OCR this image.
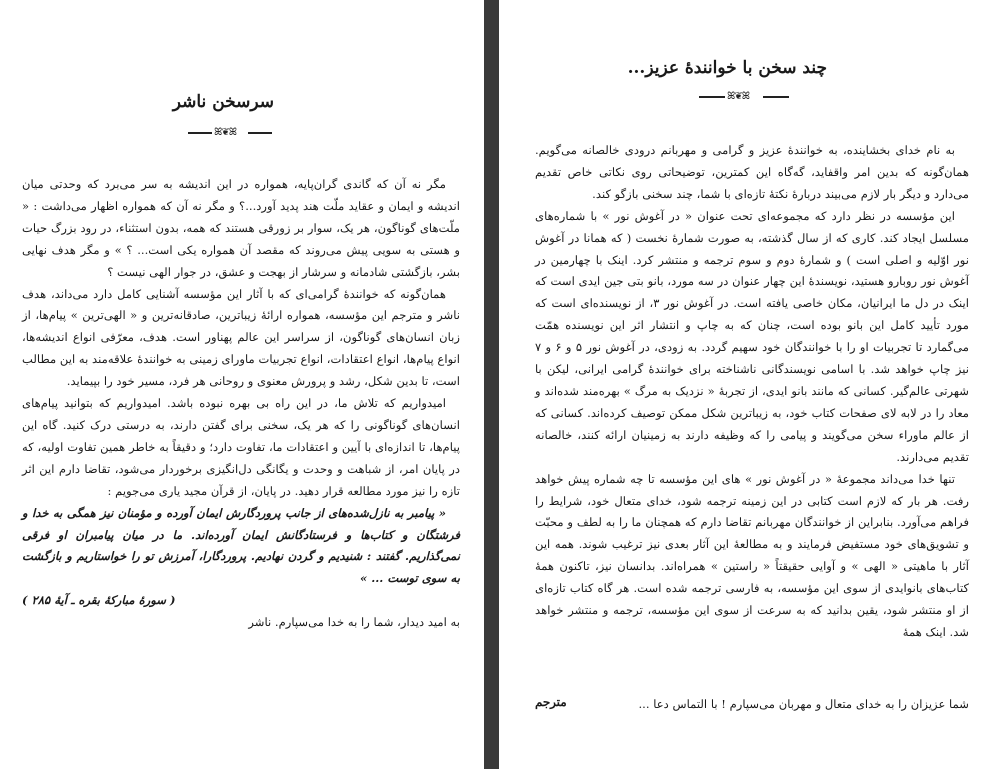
سرسخن ناشر
ꕤ❦ꕤ

مگر نه آن که گاندی گران‌پایه، همواره در این اندیشه به سر می‌برد که وحدتی میان اندیشه و ایمان و عقاید ملّت هند پدید آورد...؟ و مگر نه آن که همواره اظهار می‌داشت : « ملّت‌های گوناگون، هر یک، سوار بر زورقی هستند که همه، بدون استثناء، در رود بزرگ حیات و هستی به سویی پیش می‌روند که مقصد آن همواره یکی است... ؟ » و مگر هدف نهایی بشر، بازگشتی شادمانه و سرشار از بهجت و عشق، در جوار الهی نیست ؟

همان‌گونه که خوانندهٔ گرامی‌ای که با آثار این مؤسسه آشنایی کامل دارد می‌داند، هدف ناشر و مترجم این مؤسسه، همواره ارائهٔ زیباترین، صادقانه‌ترین و « الهی‌ترین » پیام‌ها، از زبان انسان‌های گوناگون، از سراسر این عالم پهناور است. هدف، معرّفی انواع اندیشه‌ها، انواع پیام‌ها، انواع اعتقادات، انواع تجربیات ماورای زمینی به خوانندهٔ علاقه‌مند به این مطالب است، تا بدین شکل، رشد و پرورش معنوی و روحانی هر فرد، مسیر خود را بپیماید.

امیدواریم که تلاش ما، در این راه بی بهره نبوده باشد. امیدواریم که بتوانید پیام‌های انسان‌های گوناگونی را که هر یک، سخنی برای گفتن دارند، به درستی درک کنید. گاه این پیام‌ها، تا اندازه‌ای با آیین و اعتقادات ما، تفاوت دارد؛ و دقیقاً به خاطر همین تفاوت اولیه، که در پایان امر، از شباهت و وحدت و یگانگی دل‌انگیزی برخوردار می‌شود، تقاضا دارم این اثر تازه را نیز مورد مطالعه قرار دهید. در پایان، از قرآن مجید یاری می‌جویم :

« پیامبر به نازل‌شده‌های از جانب پروردگارش ایمان آورده و مؤمنان نیز همگی به خدا و فرشتگان و کتاب‌ها و فرستادگانش ایمان آورده‌اند. ما در میان پیامبران او فرقی نمی‌گذاریم. گفتند : شنیدیم و گردن نهادیم. پروردگارا، آمرزش تو را خواستاریم و بازگشت به سوی توست ... »

( سورهٔ مبارکهٔ بقره ـ آیهٔ ۲۸۵ )

به امید دیدار، شما را به خدا می‌سپارم. ناشر

چند سخن با خوانندهٔ عزیز...
ꕤ❦ꕤ

به نام خدای بخشاینده، به خوانندهٔ عزیز و گرامی و مهربانم درودی خالصانه می‌گویم. همان‌گونه که بدین امر واقفاید، گه‌گاه این کمترین، توضیحاتی روی نکاتی خاص تقدیم می‌دارد و دیگر بار لازم می‌بیند دربارهٔ نکتهٔ تازه‌ای با شما، چند سخنی بازگو کند.

این مؤسسه در نظر دارد که مجموعه‌ای تحت عنوان « در آغوش نور » با شماره‌های مسلسل ایجاد کند. کاری که از سال گذشته، به صورت شمارهٔ نخست ( که همانا در آغوش نور اوّلیه و اصلی است ) و شمارهٔ دوم و سوم ترجمه و منتشر کرد. اینک با چهارمین در آغوش نور روبارو هستید، نویسندهٔ این چهار عنوان در سه مورد، بانو بتی جین ایدی است که اینک در دل ما ایرانیان، مکان خاصی یافته است. در آغوش نور ۳، از نویسنده‌ای است که مورد تأیید کامل این بانو بوده است، چنان که به چاپ و انتشار اثر این نویسنده همّت می‌گمارد تا تجربیات او را با خوانندگان خود سهیم گردد. به زودی، در آغوش نور ۵ و ۶ و ۷ نیز چاپ خواهد شد. با اسامی نویسندگانی ناشناخته برای خوانندهٔ گرامی ایرانی، لیکن با شهرتی عالم‌گیر. کسانی که مانند بانو ایدی، از تجربهٔ « نزدیک به مرگ » بهره‌مند شده‌اند و معاد را در لابه لای صفحات کتاب خود، به زیباترین شکل ممکن توصیف کرده‌اند. کسانی که از عالم ماوراء سخن می‌گویند و پیامی را که وظیفه دارند به زمینیان ارائه کنند، خالصانه تقدیم می‌دارند.

تنها خدا می‌داند مجموعهٔ « در آغوش نور » های این مؤسسه تا چه شماره پیش خواهد رفت. هر بار که لازم است کتابی در این زمینه ترجمه شود، خدای متعال خود، شرایط را فراهم می‌آورد. بنابراین از خوانندگان مهربانم تقاضا دارم که همچنان ما را به لطف و محبّت و تشویق‌های خود مستفیض فرمایند و به مطالعهٔ این آثار بعدی نیز ترغیب شوند. همه این آثار با ماهیتی « الهی » و آوایی حقیقتاً « راستین » همراه‌اند. بدانسان نیز، تاکنون همهٔ کتاب‌های بانوایدی از سوی این مؤسسه، به فارسی ترجمه شده است. هر گاه کتاب تازه‌ای از او منتشر شود، یقین بدانید که به سرعت از سوی این مؤسسه، ترجمه و منتشر خواهد شد. اینک همهٔ

شما عزیزان را به خدای متعال و مهربان می‌سپارم ! با التماس دعا ...
مترجم
